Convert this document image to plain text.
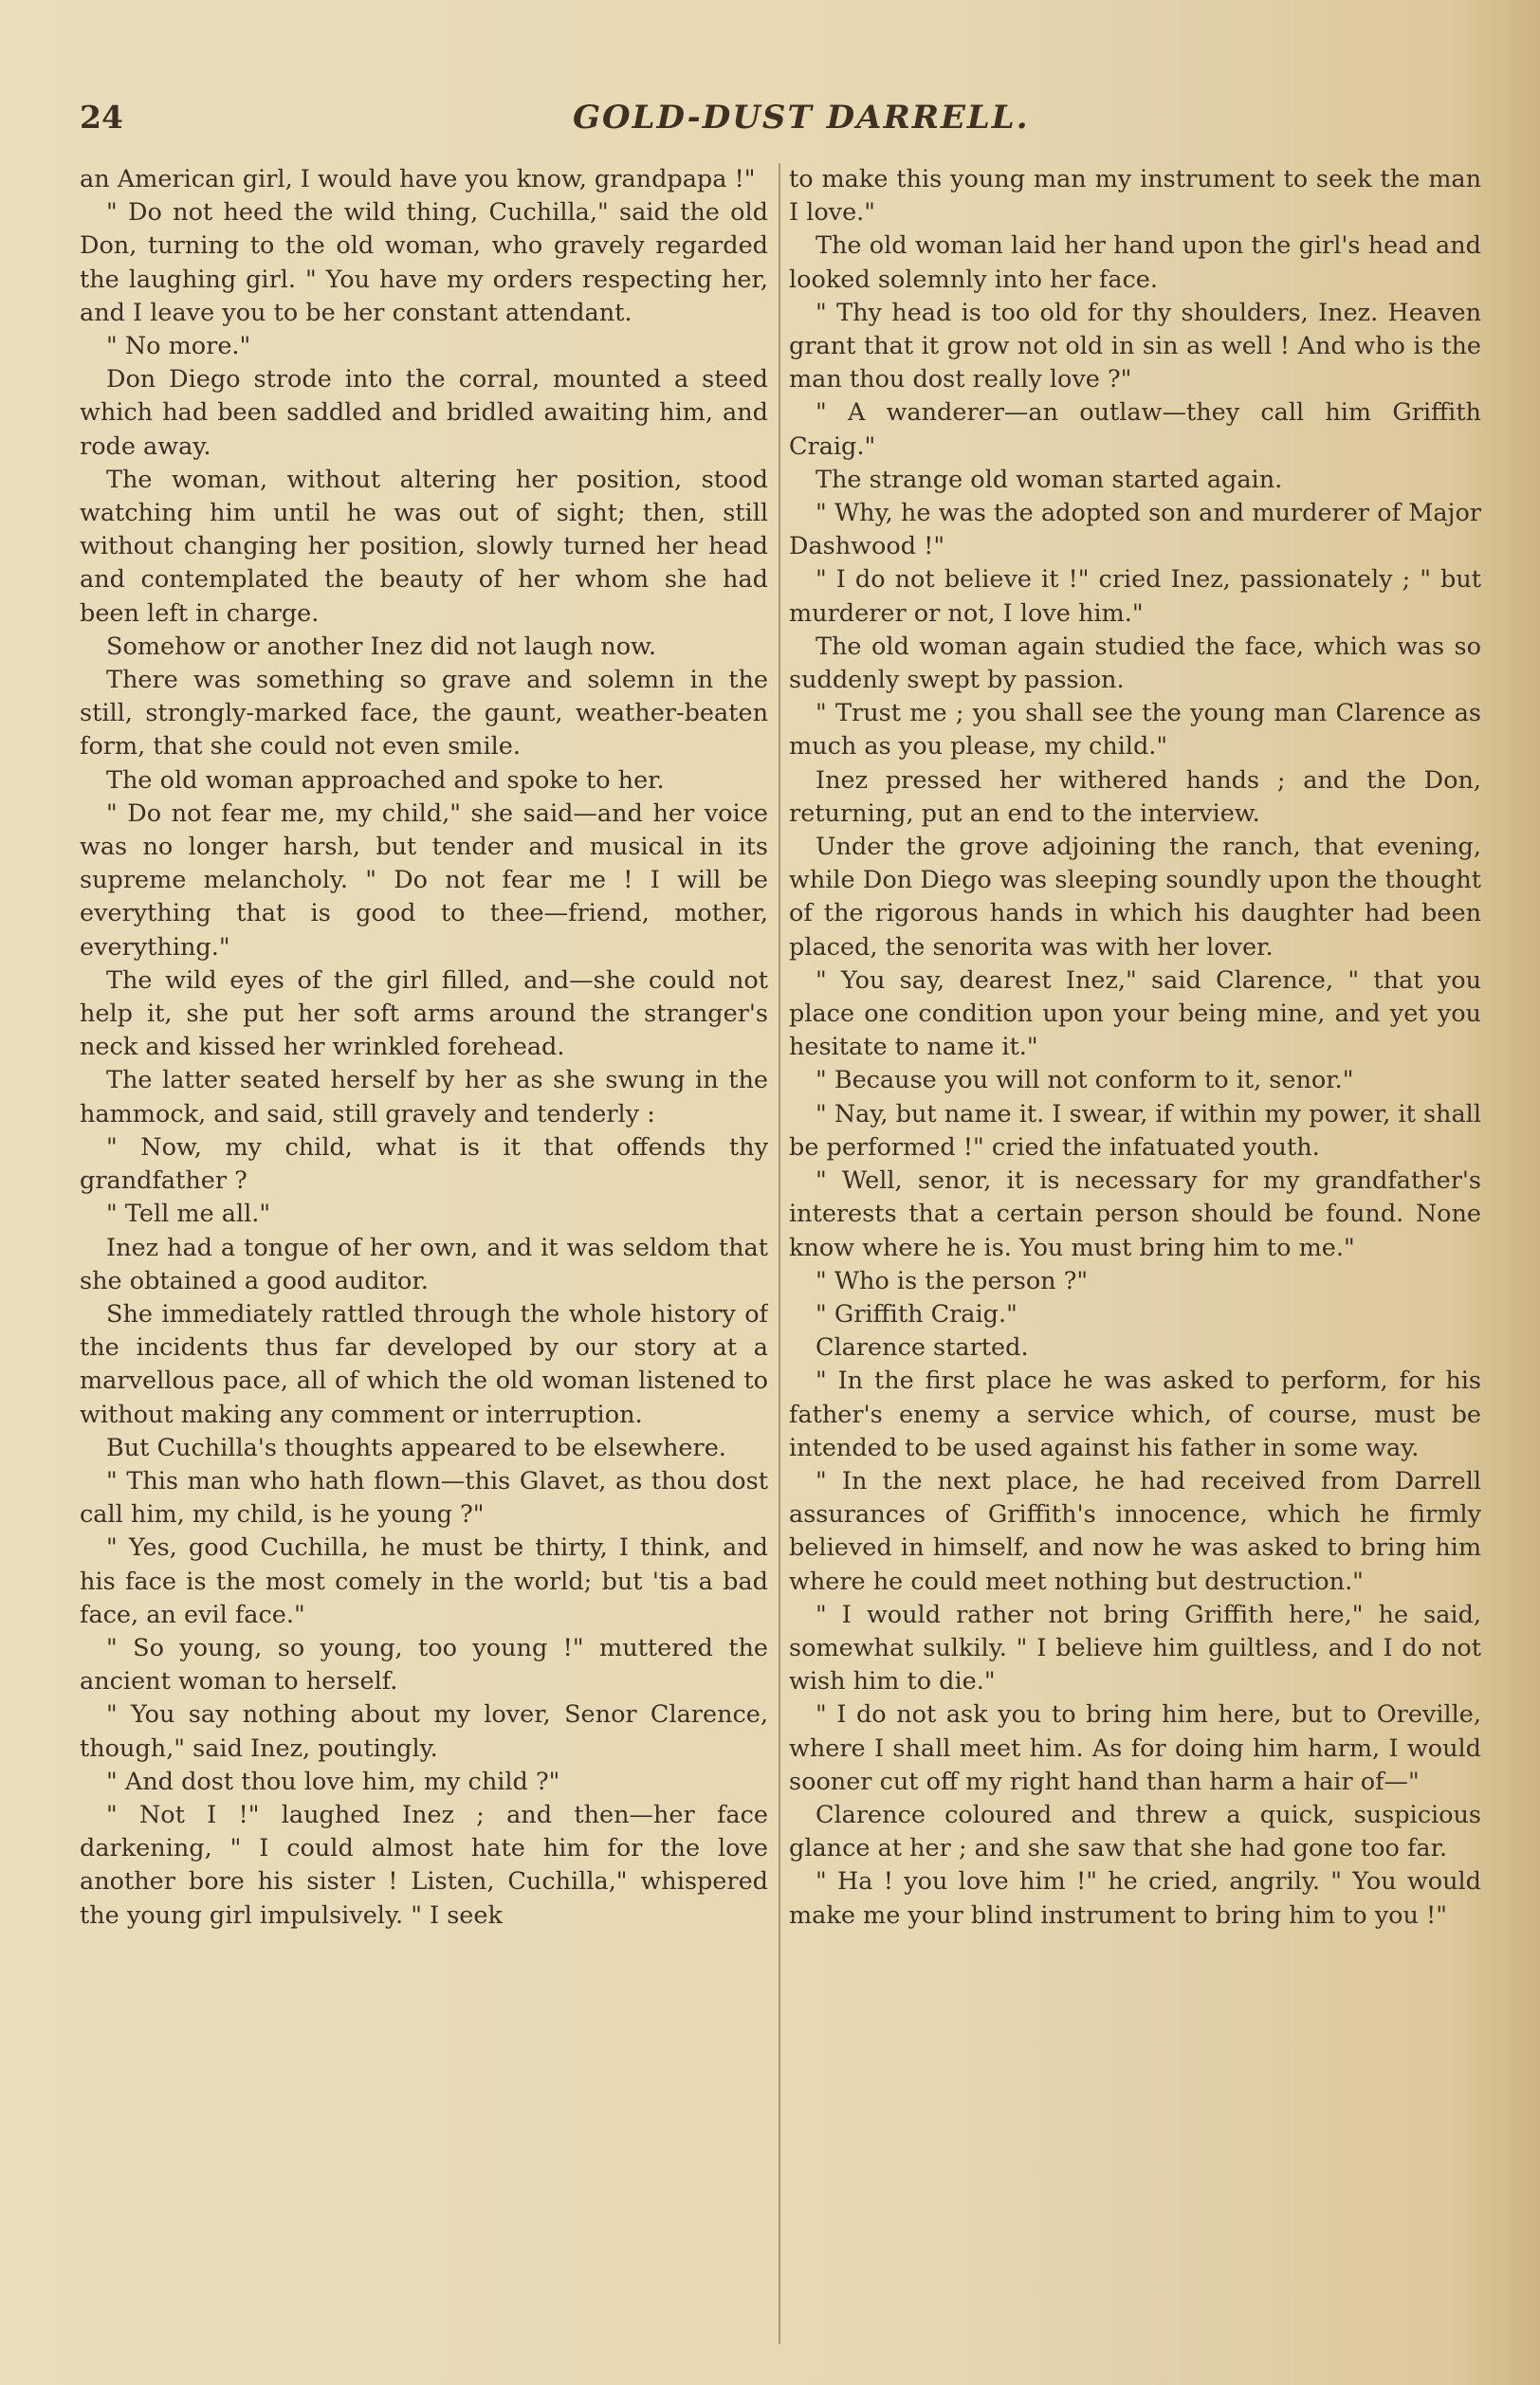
24	GOLD-DUST DARRELL.

an American girl, I would have you know, grandpapa !"

" Do not heed the wild thing, Cuchilla," said the old Don, turning to the old woman, who gravely regarded the laughing girl. " You have my orders respecting her, and I leave you to be her constant attendant.

" No more."

Don Diego strode into the corral, mounted a steed which had been saddled and bridled awaiting him, and rode away.

The woman, without altering her position, stood watching him until he was out of sight; then, still without changing her position, slowly turned her head and contemplated the beauty of her whom she had been left in charge.

Somehow or another Inez did not laugh now.

There was something so grave and solemn in the still, strongly-marked face, the gaunt, weather-beaten form, that she could not even smile.

The old woman approached and spoke to her.

" Do not fear me, my child," she said—and her voice was no longer harsh, but tender and musical in its supreme melancholy. " Do not fear me ! I will be everything that is good to thee—friend, mother, everything."

The wild eyes of the girl filled, and—she could not help it, she put her soft arms around the stranger's neck and kissed her wrinkled forehead.

The latter seated herself by her as she swung in the hammock, and said, still gravely and tenderly :

" Now, my child, what is it that offends thy grandfather ?

" Tell me all."

Inez had a tongue of her own, and it was seldom that she obtained a good auditor.

She immediately rattled through the whole history of the incidents thus far developed by our story at a marvellous pace, all of which the old woman listened to without making any comment or interruption.

But Cuchilla's thoughts appeared to be elsewhere.

" This man who hath flown—this Glavet, as thou dost call him, my child, is he young ?"

" Yes, good Cuchilla, he must be thirty, I think, and his face is the most comely in the world; but 'tis a bad face, an evil face."

" So young, so young, too young !" muttered the ancient woman to herself.

" You say nothing about my lover, Senor Clarence, though," said Inez, poutingly.

" And dost thou love him, my child ?"

" Not I !" laughed Inez ; and then—her face darkening, " I could almost hate him for the love another bore his sister ! Listen, Cuchilla," whispered the young girl impulsively. " I seek

to make this young man my instrument to seek the man I love."

The old woman laid her hand upon the girl's head and looked solemnly into her face.

" Thy head is too old for thy shoulders, Inez. Heaven grant that it grow not old in sin as well ! And who is the man thou dost really love ?"

" A wanderer—an outlaw—they call him Griffith Craig."

The strange old woman started again.

" Why, he was the adopted son and murderer of Major Dashwood !"

" I do not believe it !" cried Inez, passionately ; " but murderer or not, I love him."

The old woman again studied the face, which was so suddenly swept by passion.

" Trust me ; you shall see the young man Clarence as much as you please, my child."

Inez pressed her withered hands ; and the Don, returning, put an end to the interview.

Under the grove adjoining the ranch, that evening, while Don Diego was sleeping soundly upon the thought of the rigorous hands in which his daughter had been placed, the senorita was with her lover.

" You say, dearest Inez," said Clarence, " that you place one condition upon your being mine, and yet you hesitate to name it."

" Because you will not conform to it, senor."

" Nay, but name it. I swear, if within my power, it shall be performed !" cried the infatuated youth.

" Well, senor, it is necessary for my grandfather's interests that a certain person should be found. None know where he is. You must bring him to me."

" Who is the person ?"

" Griffith Craig."

Clarence started.

" In the first place he was asked to perform, for his father's enemy a service which, of course, must be intended to be used against his father in some way.

" In the next place, he had received from Darrell assurances of Griffith's innocence, which he firmly believed in himself, and now he was asked to bring him where he could meet nothing but destruction."

" I would rather not bring Griffith here," he said, somewhat sulkily. " I believe him guiltless, and I do not wish him to die."

" I do not ask you to bring him here, but to Oreville, where I shall meet him. As for doing him harm, I would sooner cut off my right hand than harm a hair of—"

Clarence coloured and threw a quick, suspicious glance at her ; and she saw that she had gone too far.

" Ha ! you love him !" he cried, angrily. " You would make me your blind instrument to bring him to you !"
